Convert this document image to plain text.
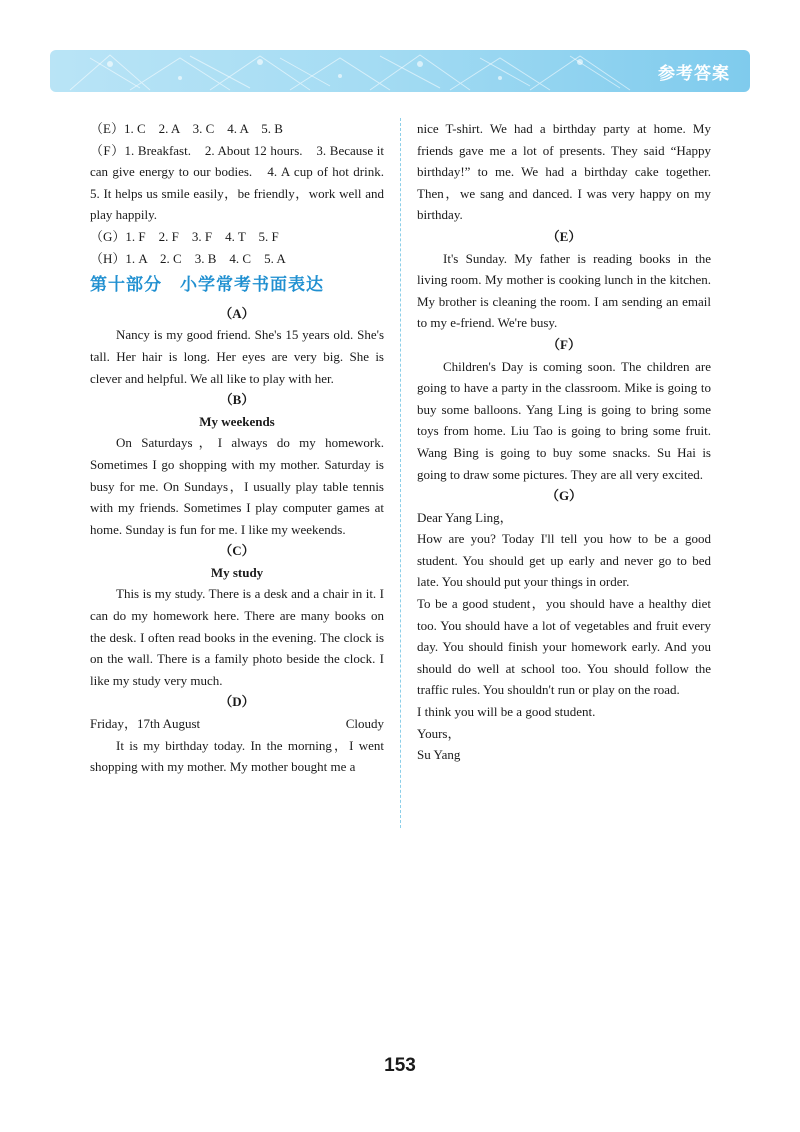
参考答案

（E）1. C　2. A　3. C　4. A　5. B

（F）1. Breakfast.　2. About 12 hours.　3. Because it can give energy to our bodies.　4. A cup of hot drink.　5. It helps us smile easily，be friendly，work well and play happily.

（G）1. F　2. F　3. F　4. T　5. F

（H）1. A　2. C　3. B　4. C　5. A

第十部分　小学常考书面表达

（A）

Nancy is my good friend. She's 15 years old. She's tall. Her hair is long. Her eyes are very big. She is clever and helpful. We all like to play with her.

（B）

My weekends

On Saturdays，I always do my homework. Sometimes I go shopping with my mother. Saturday is busy for me. On Sundays，I usually play table tennis with my friends. Sometimes I play computer games at home. Sunday is fun for me. I like my weekends.

（C）

My study

This is my study. There is a desk and a chair in it. I can do my homework here. There are many books on the desk. I often read books in the evening. The clock is on the wall. There is a family photo beside the clock. I like my study very much.

（D）

Friday，17th August	Cloudy

It is my birthday today. In the morning，I went shopping with my mother. My mother bought me a

nice T-shirt. We had a birthday party at home. My friends gave me a lot of presents. They said “Happy birthday!” to me. We had a birthday cake together. Then，we sang and danced. I was very happy on my birthday.

（E）

It's Sunday. My father is reading books in the living room. My mother is cooking lunch in the kitchen. My brother is cleaning the room. I am sending an email to my e-friend. We're busy.

（F）

Children's Day is coming soon. The children are going to have a party in the classroom. Mike is going to buy some balloons. Yang Ling is going to bring some toys from home. Liu Tao is going to bring some fruit. Wang Bing is going to buy some snacks. Su Hai is going to draw some pictures. They are all very excited.

（G）

Dear Yang Ling，

How are you? Today I'll tell you how to be a good student. You should get up early and never go to bed late. You should put your things in order.

To be a good student，you should have a healthy diet too. You should have a lot of vegetables and fruit every day. You should finish your homework early. And you should do well at school too. You should follow the traffic rules. You shouldn't run or play on the road.

I think you will be a good student.

Yours，

Su Yang

153
